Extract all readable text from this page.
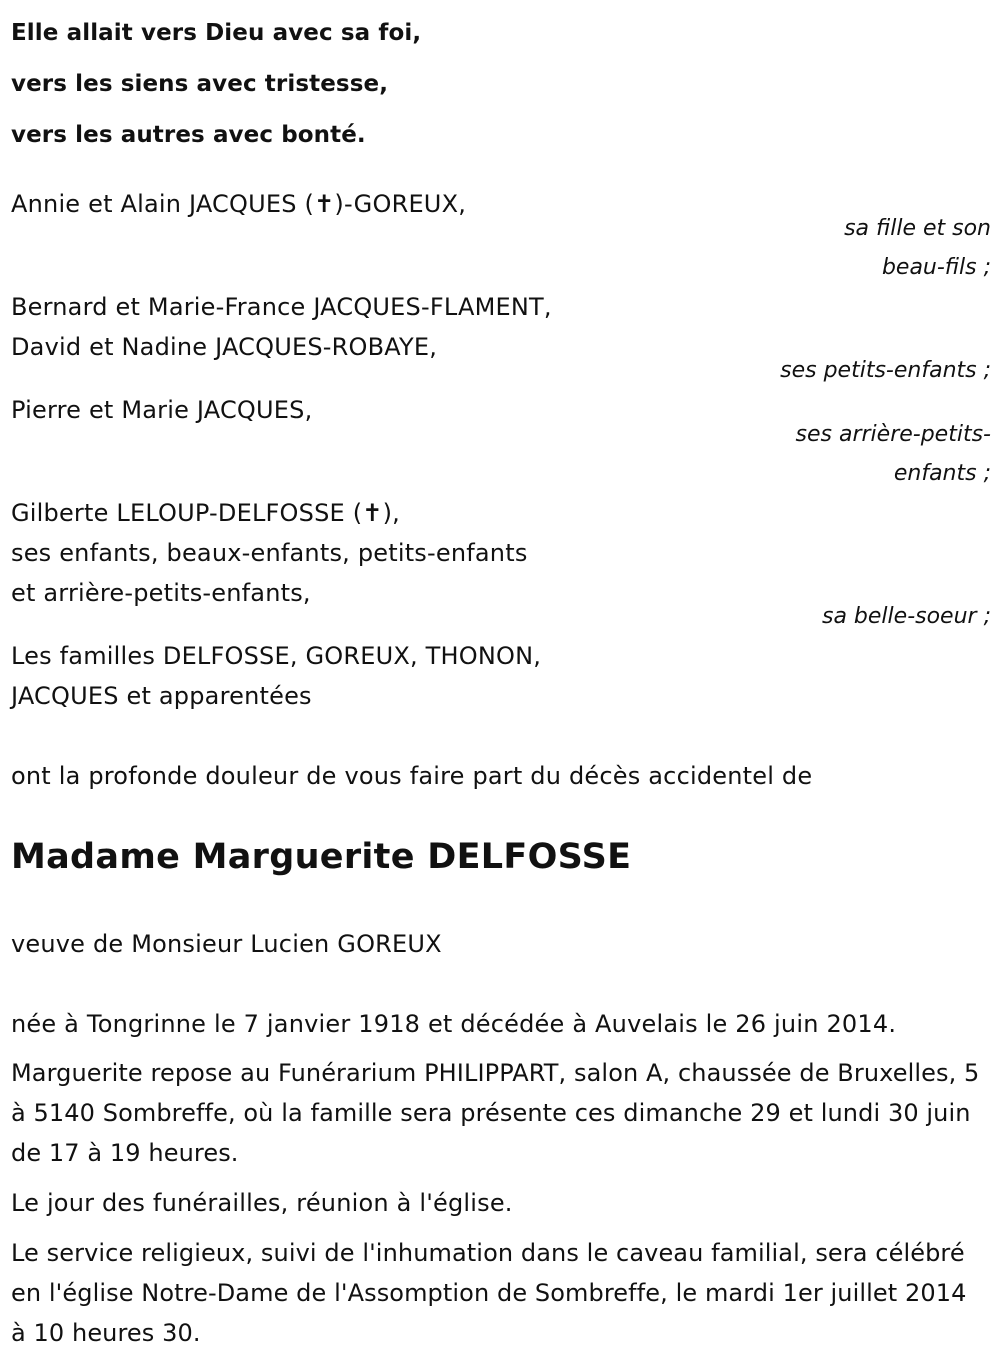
Elle allait vers Dieu avec sa foi,
vers les siens avec tristesse,
vers les autres avec bonté.
Annie et Alain JACQUES (✝)-GOREUX,
sa fille et son
beau-fils ;
Bernard et Marie-France JACQUES-FLAMENT,
David et Nadine JACQUES-ROBAYE,
ses petits-enfants ;
Pierre et Marie JACQUES,
ses arrière-petits-
enfants ;
Gilberte LELOUP-DELFOSSE (✝),
ses enfants, beaux-enfants, petits-enfants
et arrière-petits-enfants,
sa belle-soeur ;
Les familles DELFOSSE, GOREUX, THONON,
JACQUES et apparentées
ont la profonde douleur de vous faire part du décès accidentel de
Madame Marguerite DELFOSSE
veuve de Monsieur Lucien GOREUX
née à Tongrinne le 7 janvier 1918 et décédée à Auvelais le 26 juin 2014.
Marguerite repose au Funérarium PHILIPPART, salon A, chaussée de Bruxelles, 5 à 5140 Sombreffe, où la famille sera présente ces dimanche 29 et lundi 30 juin de 17 à 19 heures.
Le jour des funérailles, réunion à l'église.
Le service religieux, suivi de l'inhumation dans le caveau familial, sera célébré en l'église Notre-Dame de l'Assomption de Sombreffe, le mardi 1er juillet 2014 à 10 heures 30.
